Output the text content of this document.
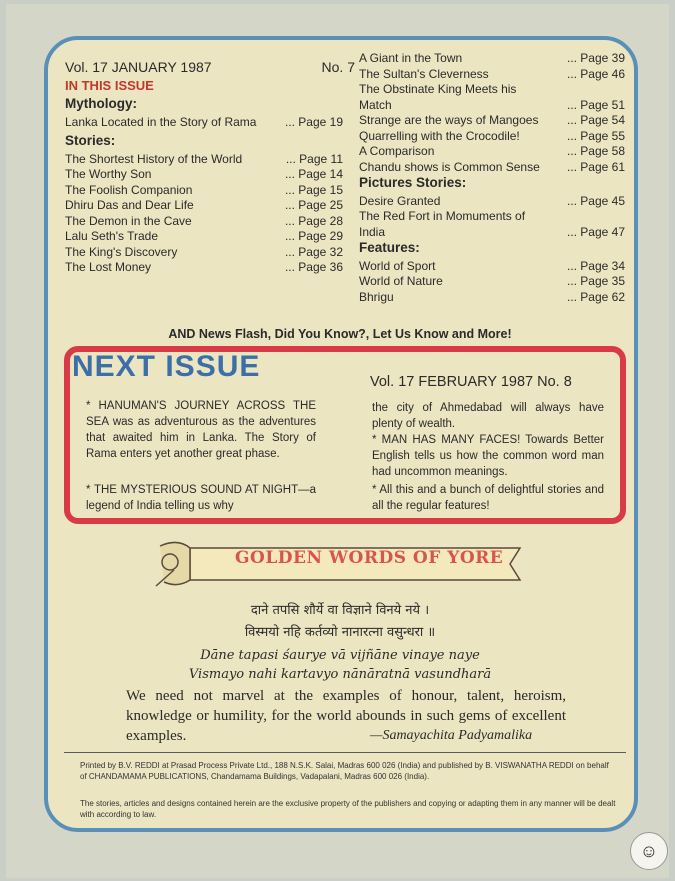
Vol. 17 JANUARY 1987	No. 7
IN THIS ISSUE
Mythology:
Lanka Located in the Story of Rama ... Page 19
Stories:
The Shortest History of the World	... Page 11
The Worthy Son	... Page 14
The Foolish Companion	... Page 15
Dhiru Das and Dear Life	... Page 25
The Demon in the Cave	... Page 28
Lalu Seth's Trade	... Page 29
The King's Discovery	... Page 32
The Lost Money	... Page 36
A Giant in the Town	... Page 39
The Sultan's Cleverness	... Page 46
The Obstinate King Meets his Match	... Page 51
Strange are the ways of Mangoes ... Page 54
Quarrelling with the Crocodile!	... Page 55
A Comparison	... Page 58
Chandu shows is Common Sense ... Page 61
Pictures Stories:
Desire Granted	... Page 45
The Red Fort in Momuments of India	... Page 47
Features:
World of Sport	... Page 34
World of Nature	... Page 35
Bhrigu	... Page 62
AND News Flash, Did You Know?, Let Us Know and More!
NEXT ISSUE	Vol. 17 FEBRUARY 1987 No. 8
* HANUMAN'S JOURNEY ACROSS THE SEA was as adventurous as the adventures that awaited him in Lanka. The Story of Rama enters yet another great phase.
* THE MYSTERIOUS SOUND AT NIGHT—a legend of India telling us why
the city of Ahmedabad will always have plenty of wealth.
* MAN HAS MANY FACES! Towards Better English tells us how the common word man had uncommon meanings.
* All this and a bunch of delightful stories and all the regular features!
GOLDEN WORDS OF YORE
दाने तपसि शौर्ये वा विज्ञाने विनये नये ।
विस्मयो नहि कर्तव्यो नानारत्ना वसुन्धरा ॥
Dāne tapasi śaurye vā vijñāne vinaye naye
Vismayo nahi kartavyo nānāratnā vasundharā
We need not marvel at the examples of honour, talent, heroism, knowledge or humility, for the world abounds in such gems of excellent examples.	—Samayachita Padyamalika
Printed by B.V. REDDI at Prasad Process Private Ltd., 188 N.S.K. Salai, Madras 600 026 (India) and published by B. VISWANATHA REDDI on behalf of CHANDAMAMA PUBLICATIONS, Chandamama Buildings, Vadapalani, Madras 600 026 (India).
The stories, articles and designs contained herein are the exclusive property of the publishers and copying or adapting them in any manner will be dealt with according to law.
☺
